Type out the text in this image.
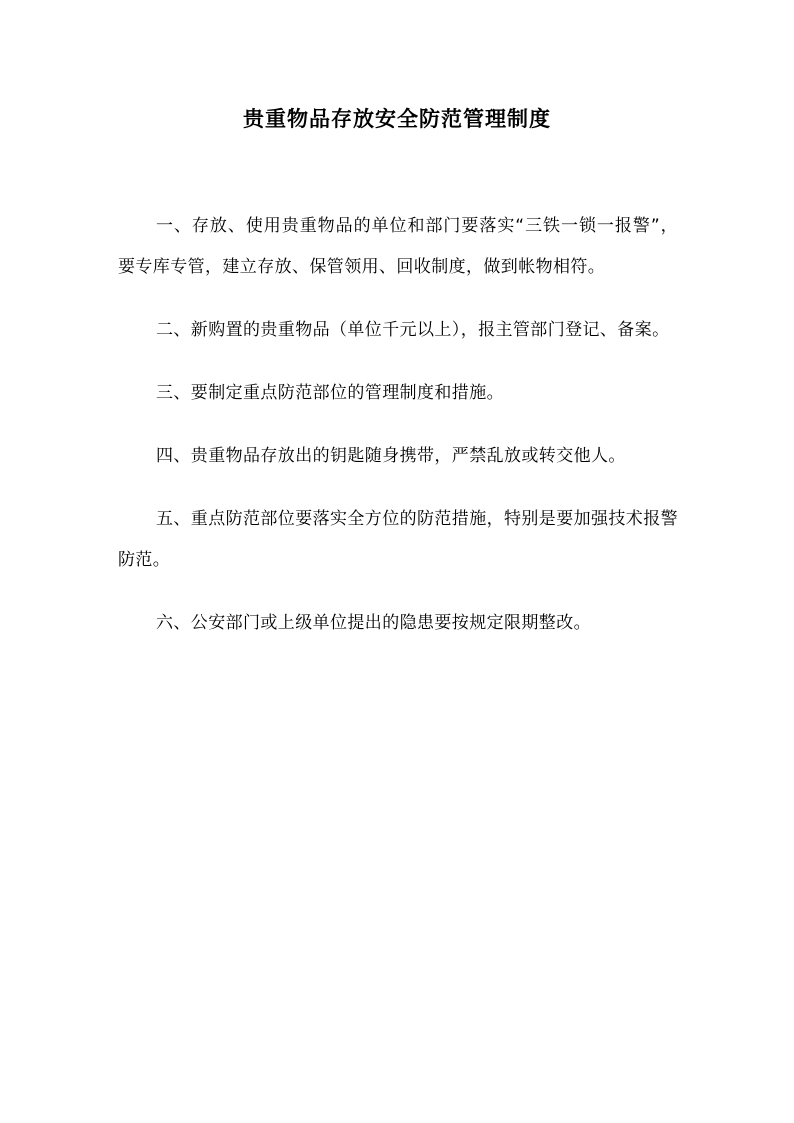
贵重物品存放安全防范管理制度

一、存放、使用贵重物品的单位和部门要落实“三铁一锁一报警”，要专库专管，建立存放、保管领用、回收制度，做到帐物相符。

二、新购置的贵重物品（单位千元以上），报主管部门登记、备案。

三、要制定重点防范部位的管理制度和措施。

四、贵重物品存放出的钥匙随身携带，严禁乱放或转交他人。

五、重点防范部位要落实全方位的防范措施，特别是要加强技术报警防范。

六、公安部门或上级单位提出的隐患要按规定限期整改。
